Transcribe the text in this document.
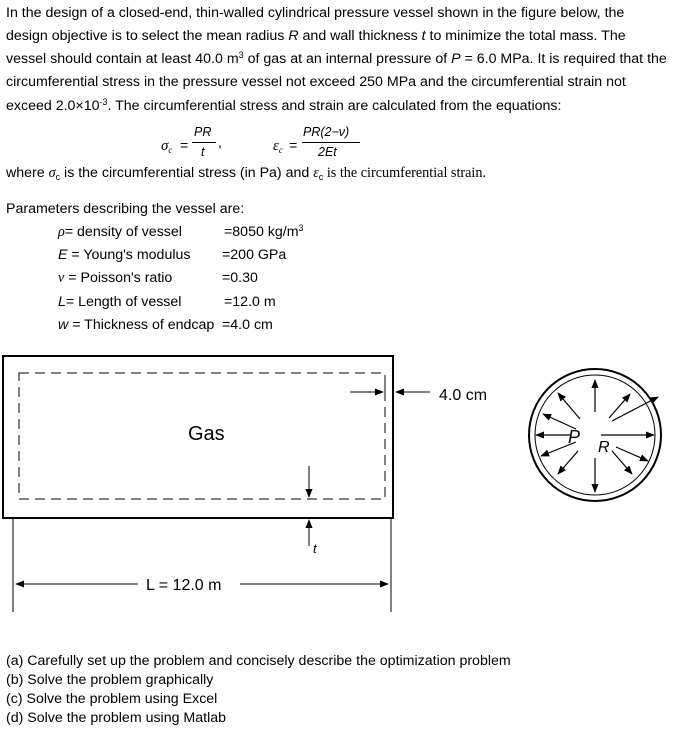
In the design of a closed-end, thin-walled cylindrical pressure vessel shown in the figure below, the
design objective is to select the mean radius R and wall thickness t to minimize the total mass. The
vessel should contain at least 40.0 $m^3$ of gas at an internal pressure of P = 6.0 MPa. It is required that the
circumferential stress in the pressure vessel not exceed 250 MPa and the circumferential strain not
exceed $2.0\times 10^{-3}$. The circumferential stress and strain are calculated from the equations:
$\sigma_c$ =
PR
t
,	$\varepsilon_c$ =
PR(2−ν)
2Et
where $\sigma_c$ is the circumferential stress (in Pa) and $\varepsilon_c$ is the circumferential strain.
Parameters describing the vessel are:
ρ= density of vessel	=8050 $kg/m^3$
E = Young's modulus =200 GPa
ν = Poisson's ratio	=0.30
L= Length of vessel	=12.0 m
w = Thickness of endcap =4.0 cm
Gas
4.0 cm
t
L = 12.0 m
P
R
(a) Carefully set up the problem and concisely describe the optimization problem
(b) Solve the problem graphically
(c) Solve the problem using Excel
(d) Solve the problem using Matlab
